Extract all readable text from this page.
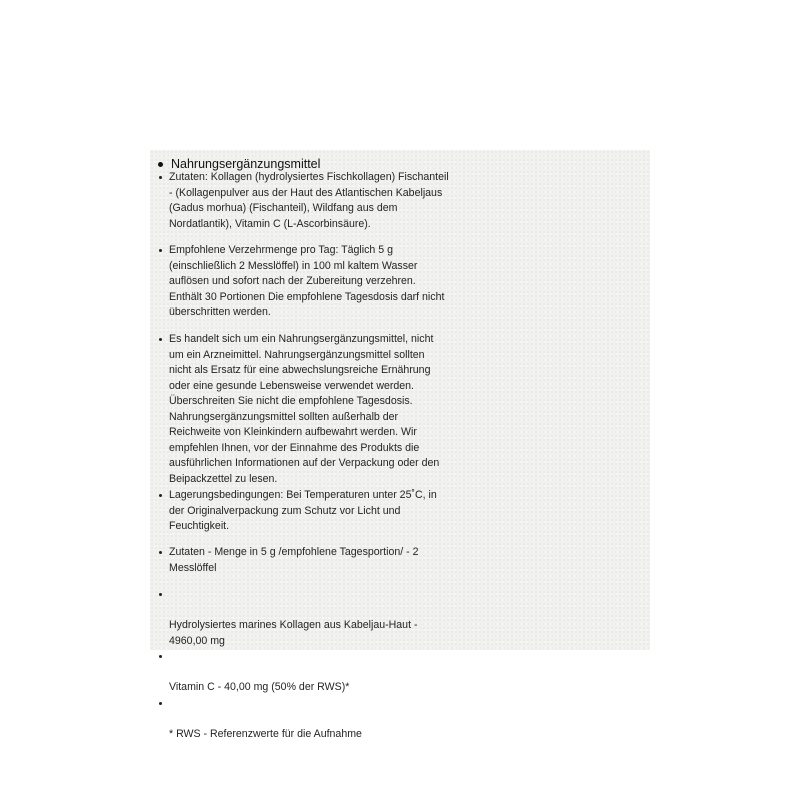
Nahrungsergänzungsmittel
Zutaten: Kollagen (hydrolysiertes Fischkollagen) Fischanteil
- (Kollagenpulver aus der Haut des Atlantischen Kabeljaus
(Gadus morhua) (Fischanteil), Wildfang aus dem
Nordatlantik), Vitamin C (L-Ascorbinsäure).
Empfohlene Verzehrmenge pro Tag: Täglich 5 g
(einschließlich 2 Messlöffel) in 100 ml kaltem Wasser
auflösen und sofort nach der Zubereitung verzehren.
Enthält 30 Portionen Die empfohlene Tagesdosis darf nicht
überschritten werden.
Es handelt sich um ein Nahrungsergänzungsmittel, nicht
um ein Arzneimittel. Nahrungsergänzungsmittel sollten
nicht als Ersatz für eine abwechslungsreiche Ernährung
oder eine gesunde Lebensweise verwendet werden.
Überschreiten Sie nicht die empfohlene Tagesdosis.
Nahrungsergänzungsmittel sollten außerhalb der
Reichweite von Kleinkindern aufbewahrt werden. Wir
empfehlen Ihnen, vor der Einnahme des Produkts die
ausführlichen Informationen auf der Verpackung oder den
Beipackzettel zu lesen.
Lagerungsbedingungen: Bei Temperaturen unter 25˚C, in
der Originalverpackung zum Schutz vor Licht und
Feuchtigkeit.
Zutaten - Menge in 5 g /empfohlene Tagesportion/ - 2
Messlöffel

Hydrolysiertes marines Kollagen aus Kabeljau-Haut -
4960,00 mg

Vitamin C - 40,00 mg (50% der RWS)*

* RWS - Referenzwerte für die Aufnahme
